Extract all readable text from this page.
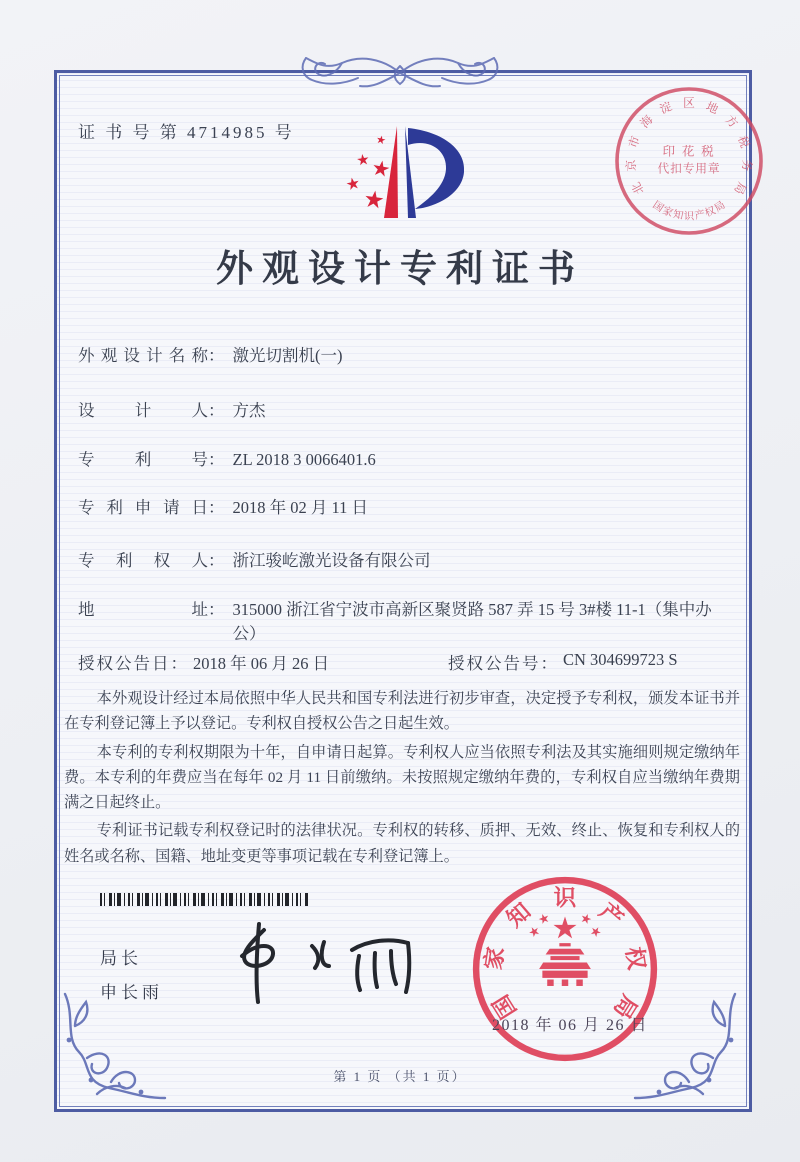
证 书 号 第 4714985 号
北
京
市
海
淀 区 地
方
税
务
局
国
家
知 识 产
权
局
印 花 税
代扣专用章
外观设计专利证书
外观设计名称 ： 激光切割机(一)
设计人 ： 方杰
专利号 ： ZL 2018 3 0066401.6
专利申请日 ： 2018 年 02 月 11 日
专利权人 ： 浙江骏屹激光设备有限公司
地址 ： 315000 浙江省宁波市高新区聚贤路 587 弄 15 号 3#楼 11-1（集中办公）
授权公告日 ： 2018 年 06 月 26 日	授权公告号 ： CN 304699723 S

本外观设计经过本局依照中华人民共和国专利法进行初步审查，决定授予专利权，颁发本证书并在专利登记簿上予以登记。专利权自授权公告之日起生效。

本专利的专利权期限为十年，自申请日起算。专利权人应当依照专利法及其实施细则规定缴纳年费。本专利的年费应当在每年 02 月 11 日前缴纳。未按照规定缴纳年费的，专利权自应当缴纳年费期满之日起终止。

专利证书记载专利权登记时的法律状况。专利权的转移、质押、无效、终止、恢复和专利权人的姓名或名称、国籍、地址变更等事项记载在专利登记簿上。

局长
申长雨	国
家
知
识
产
权
局
2018 年 06 月 26 日
第 1 页 （共 1 页）
